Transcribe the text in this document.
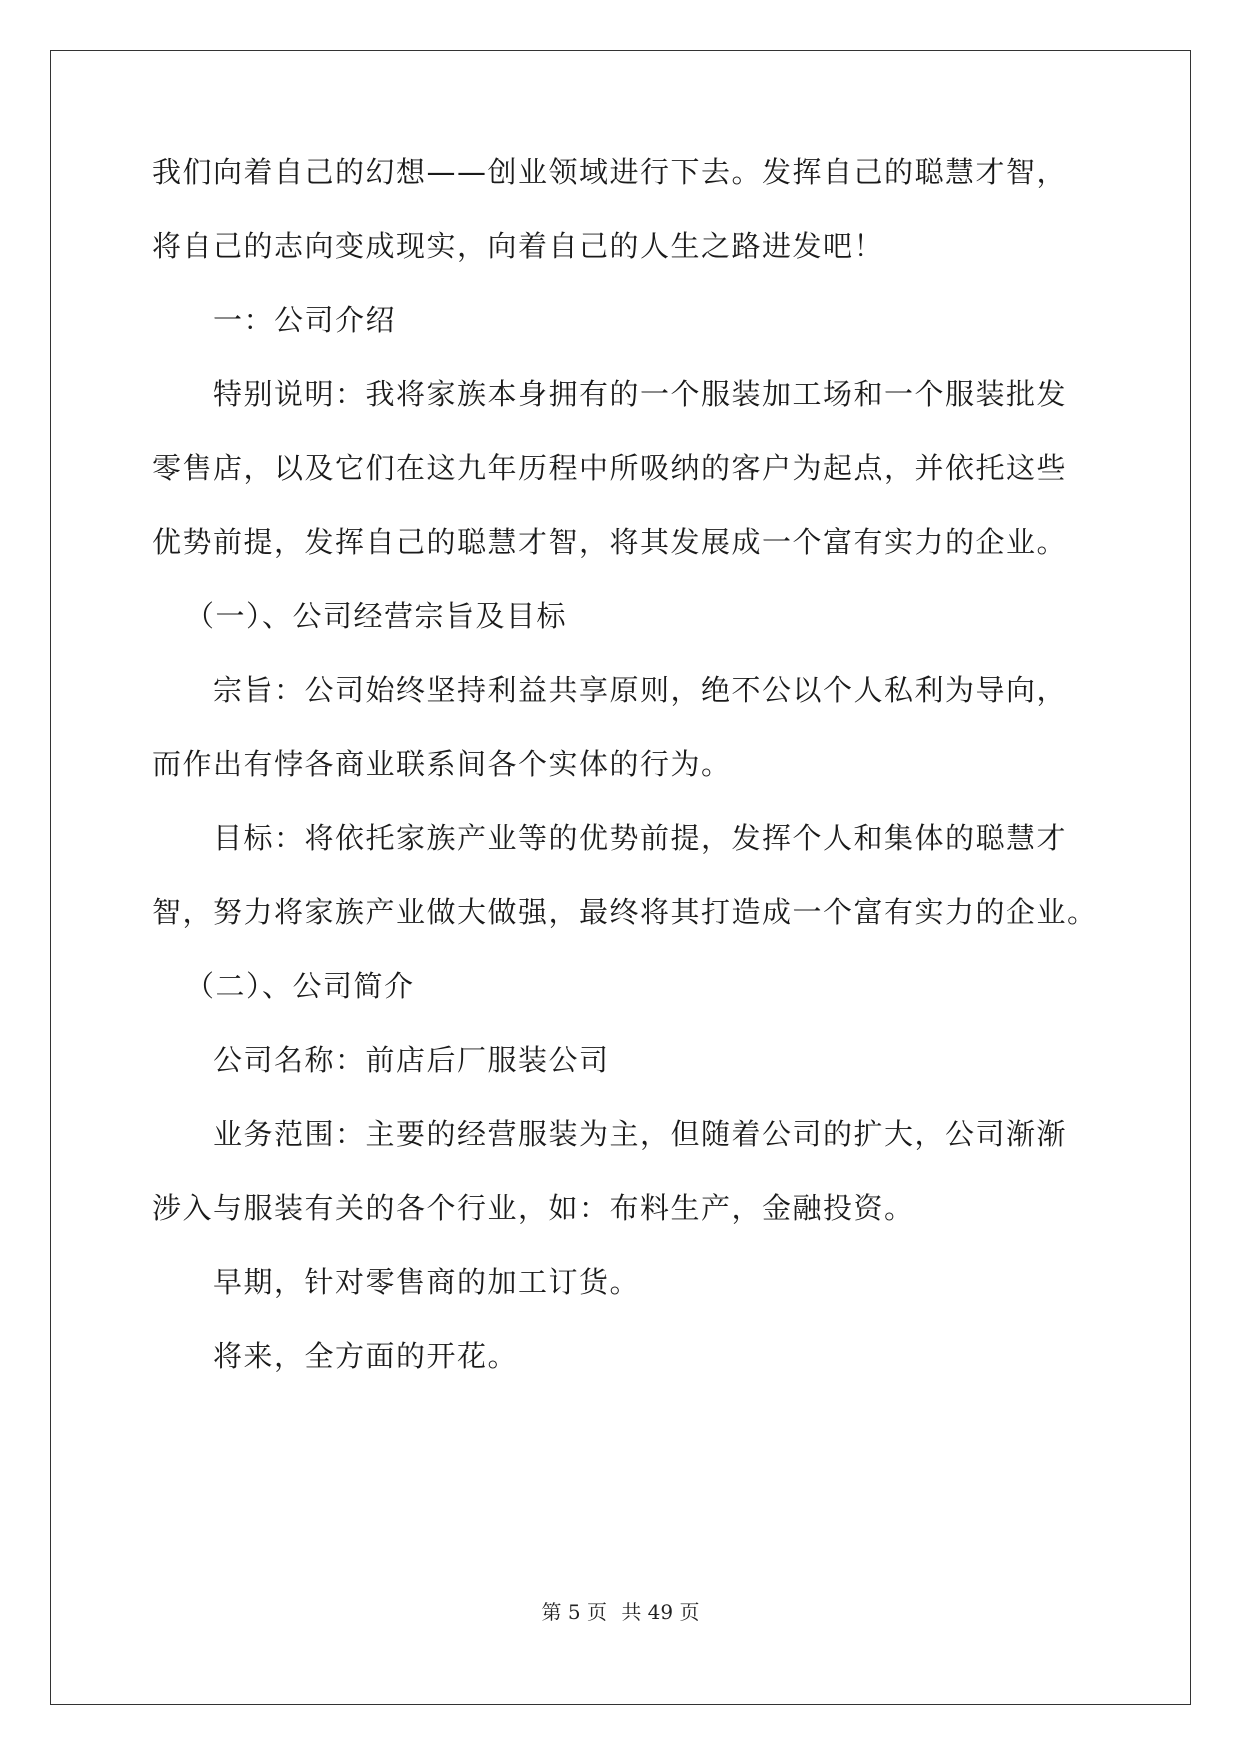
我们向着自己的幻想——创业领域进行下去。发挥自己的聪慧才智，
将自己的志向变成现实，向着自己的人生之路进发吧！
一：公司介绍
特别说明：我将家族本身拥有的一个服装加工场和一个服装批发
零售店，以及它们在这九年历程中所吸纳的客户为起点，并依托这些
优势前提，发挥自己的聪慧才智，将其发展成一个富有实力的企业。
（一）、公司经营宗旨及目标
宗旨：公司始终坚持利益共享原则，绝不公以个人私利为导向，
而作出有悖各商业联系间各个实体的行为。
目标：将依托家族产业等的优势前提，发挥个人和集体的聪慧才
智，努力将家族产业做大做强，最终将其打造成一个富有实力的企业。
（二）、公司简介
公司名称：前店后厂服装公司
业务范围：主要的经营服装为主，但随着公司的扩大，公司渐渐
涉入与服装有关的各个行业，如：布料生产，金融投资。
早期，针对零售商的加工订货。
将来，全方面的开花。
第 5 页 共 49 页
